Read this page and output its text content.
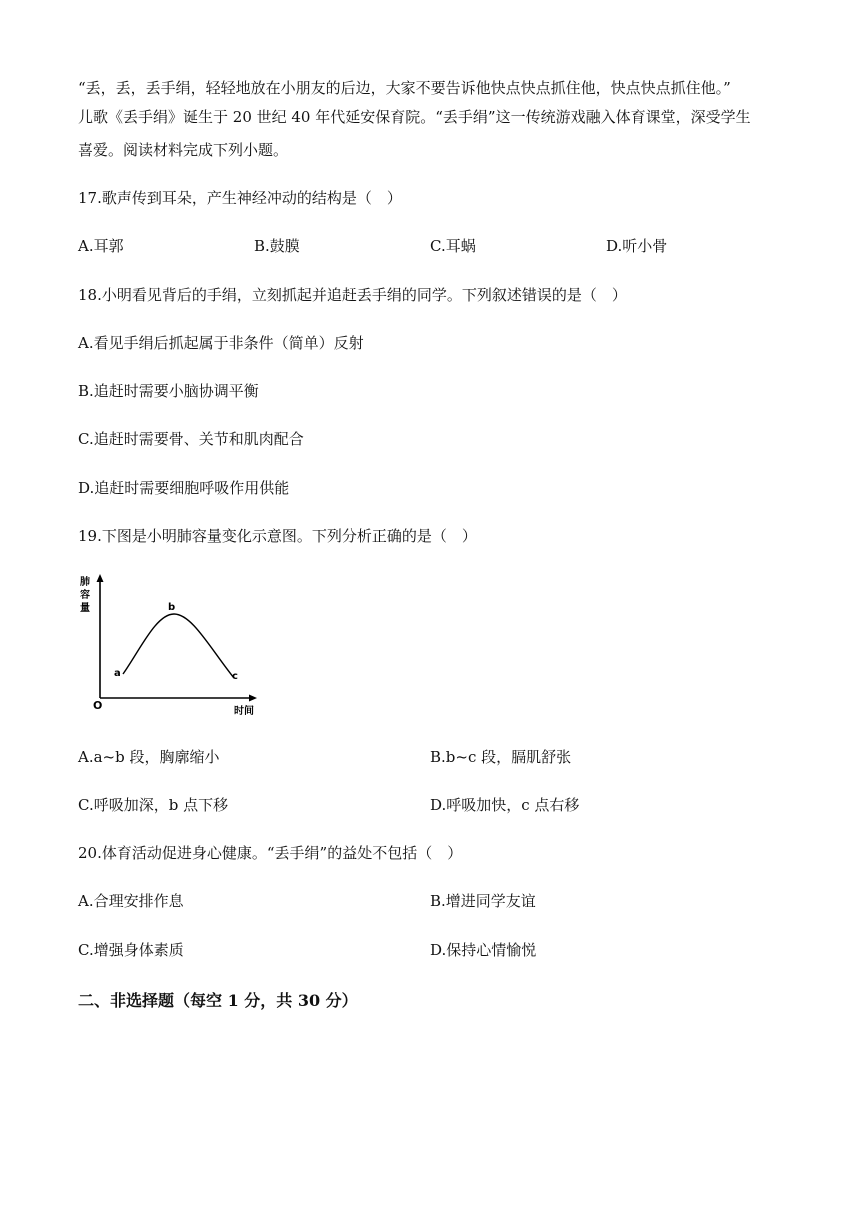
“丢，丢，丢手绢，轻轻地放在小朋友的后边，大家不要告诉他快点快点抓住他，快点快点抓住他。”
儿歌《丢手绢》诞生于 20 世纪 40 年代延安保育院。“丢手绢”这一传统游戏融入体育课堂，深受学生
喜爱。阅读材料完成下列小题。
17.歌声传到耳朵，产生神经冲动的结构是（　）
A.耳郭	B.鼓膜	C.耳蜗	D.听小骨
18.小明看见背后的手绢，立刻抓起并追赶丢手绢的同学。下列叙述错误的是（　）
A.看见手绢后抓起属于非条件（简单）反射
B.追赶时需要小脑协调平衡
C.追赶时需要骨、关节和肌肉配合
D.追赶时需要细胞呼吸作用供能
19.下图是小明肺容量变化示意图。下列分析正确的是（　）
肺
容
量
O	时间
a
b
c
A.a~b 段，胸廓缩小	B.b~c 段，膈肌舒张
C.呼吸加深，b 点下移	D.呼吸加快，c 点右移
20.体育活动促进身心健康。“丢手绢”的益处不包括（　）
A.合理安排作息	B.增进同学友谊
C.增强身体素质	D.保持心情愉悦
二、非选择题（每空 1 分，共 30 分）
